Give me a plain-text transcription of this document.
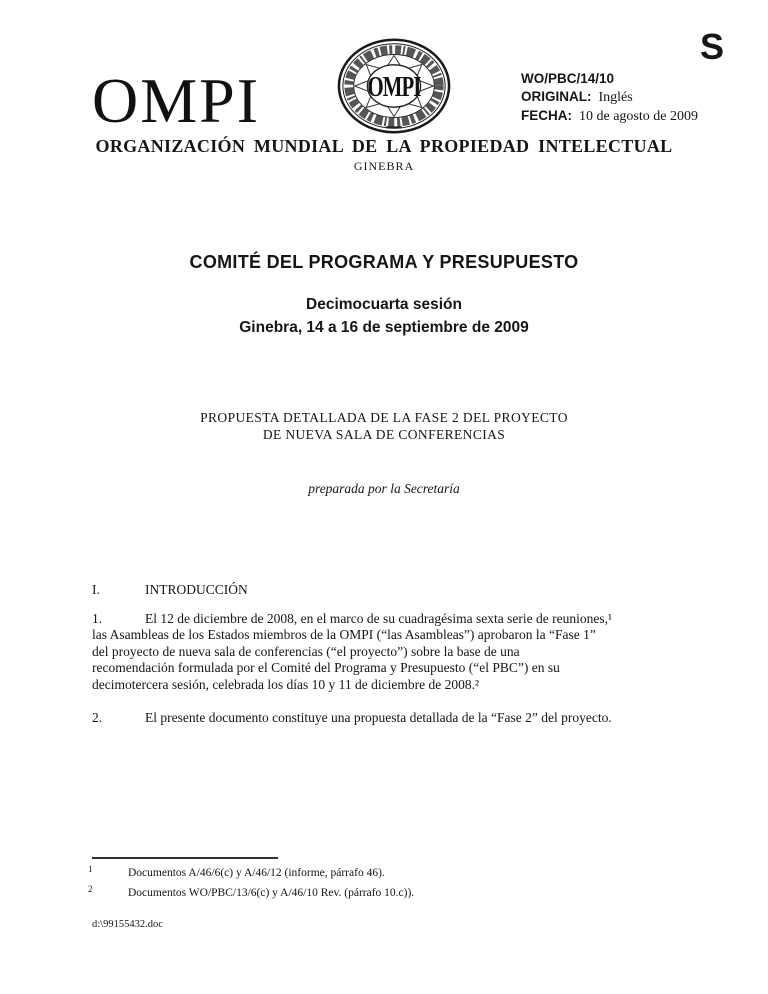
S
OMPI	OMPI	WO/PBC/14/10
ORIGINAL: Inglés
FECHA: 10 de agosto de 2009
ORGANIZACIÓN MUNDIAL DE LA PROPIEDAD INTELECTUAL
GINEBRA
COMITÉ DEL PROGRAMA Y PRESUPUESTO
Decimocuarta sesión
Ginebra, 14 a 16 de septiembre de 2009
PROPUESTA DETALLADA DE LA FASE 2 DEL PROYECTO
DE NUEVA SALA DE CONFERENCIAS
preparada por la Secretaría
I.	INTRODUCCIÓN
1.	El 12 de diciembre de 2008, en el marco de su cuadragésima sexta serie de reuniones,¹
las Asambleas de los Estados miembros de la OMPI (“las Asambleas”) aprobaron la “Fase 1”
del proyecto de nueva sala de conferencias (“el proyecto”) sobre la base de una
recomendación formulada por el Comité del Programa y Presupuesto (“el PBC”) en su
decimotercera sesión, celebrada los días 10 y 11 de diciembre de 2008.²
2.	El presente documento constituye una propuesta detallada de la “Fase 2” del proyecto.
1	Documentos A/46/6(c) y A/46/12 (informe, párrafo 46).
2	Documentos WO/PBC/13/6(c) y A/46/10 Rev. (párrafo 10.c)).
d:\99155432.doc
